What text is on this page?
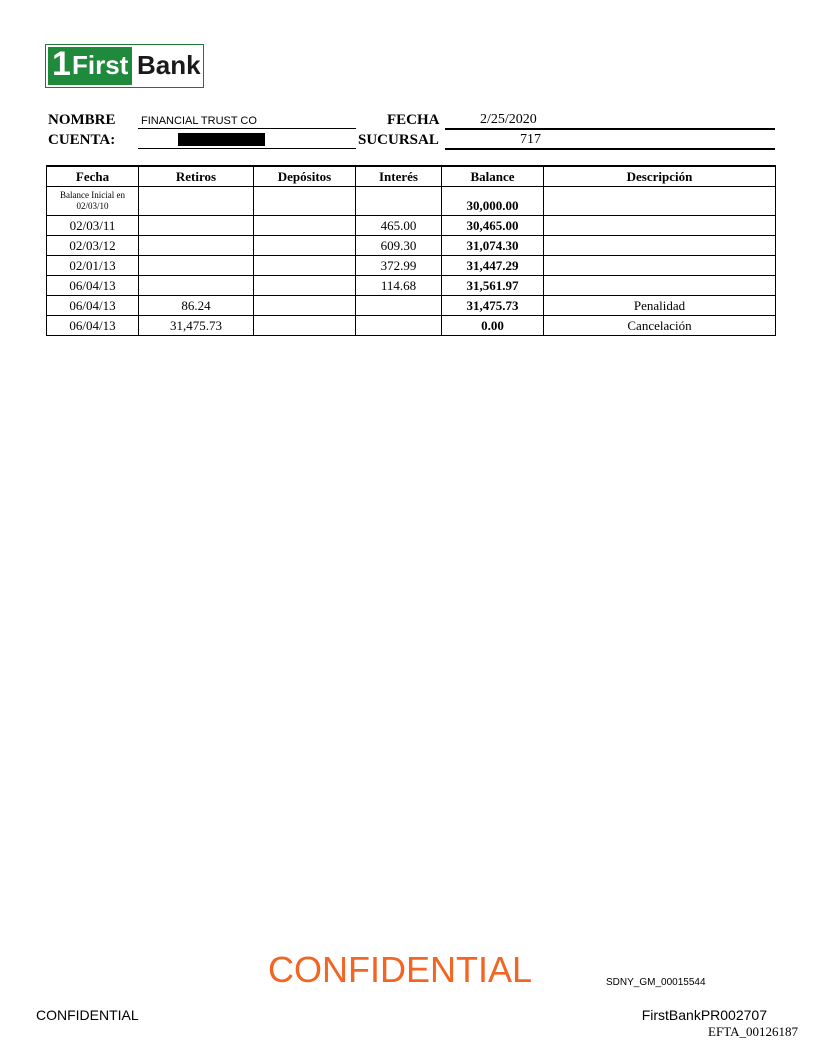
1 First Bank
NOMBRE FINANCIAL TRUST CO	FECHA	2/25/2020
CUENTA:	SUCURSAL	717
Fecha	Retiros	Depósitos	Interés	Balance	Descripción

Balance Inicial en 02/03/10				30,000.00	
02/03/11			465.00	30,465.00	
02/03/12			609.30	31,074.30	
02/01/13			372.99	31,447.29	
06/04/13			114.68	31,561.97	
06/04/13	86.24			31,475.73	Penalidad
06/04/13	31,475.73			0.00	Cancelación
CONFIDENTIAL	SDNY_GM_00015544
CONFIDENTIAL	FirstBankPR002707
EFTA_00126187
